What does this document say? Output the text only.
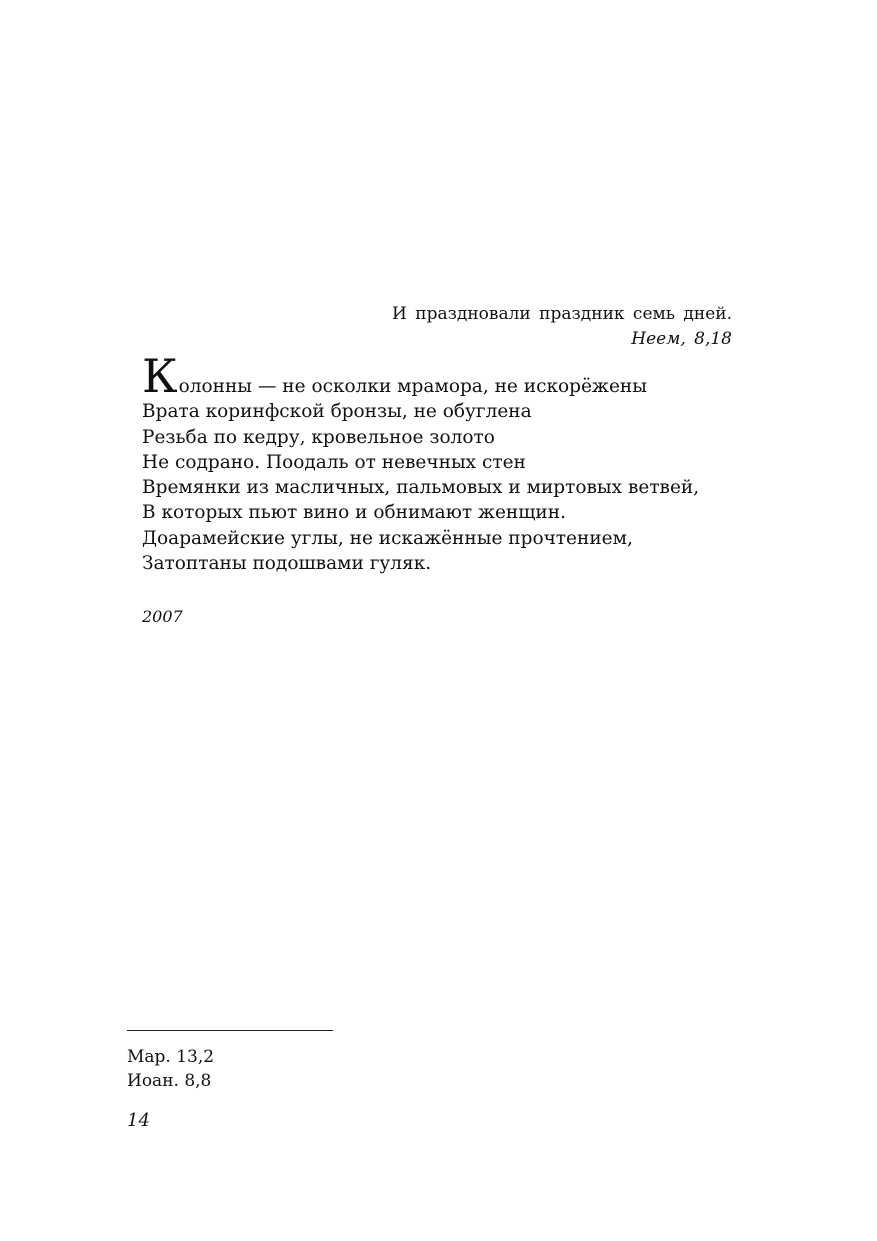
И праздновали праздник семь дней.
Неем, 8,18
Колонны — не осколки мрамора, не искорёжены
Врата коринфской бронзы, не обуглена
Резьба по кедру, кровельное золото
Не содрано. Поодаль от невечных стен
Времянки из масличных, пальмовых и миртовых ветвей,
В которых пьют вино и обнимают женщин.
Доарамейские углы, не искажённые прочтением,
Затоптаны подошвами гуляк.
2007
Мар. 13,2
Иоан. 8,8
14
